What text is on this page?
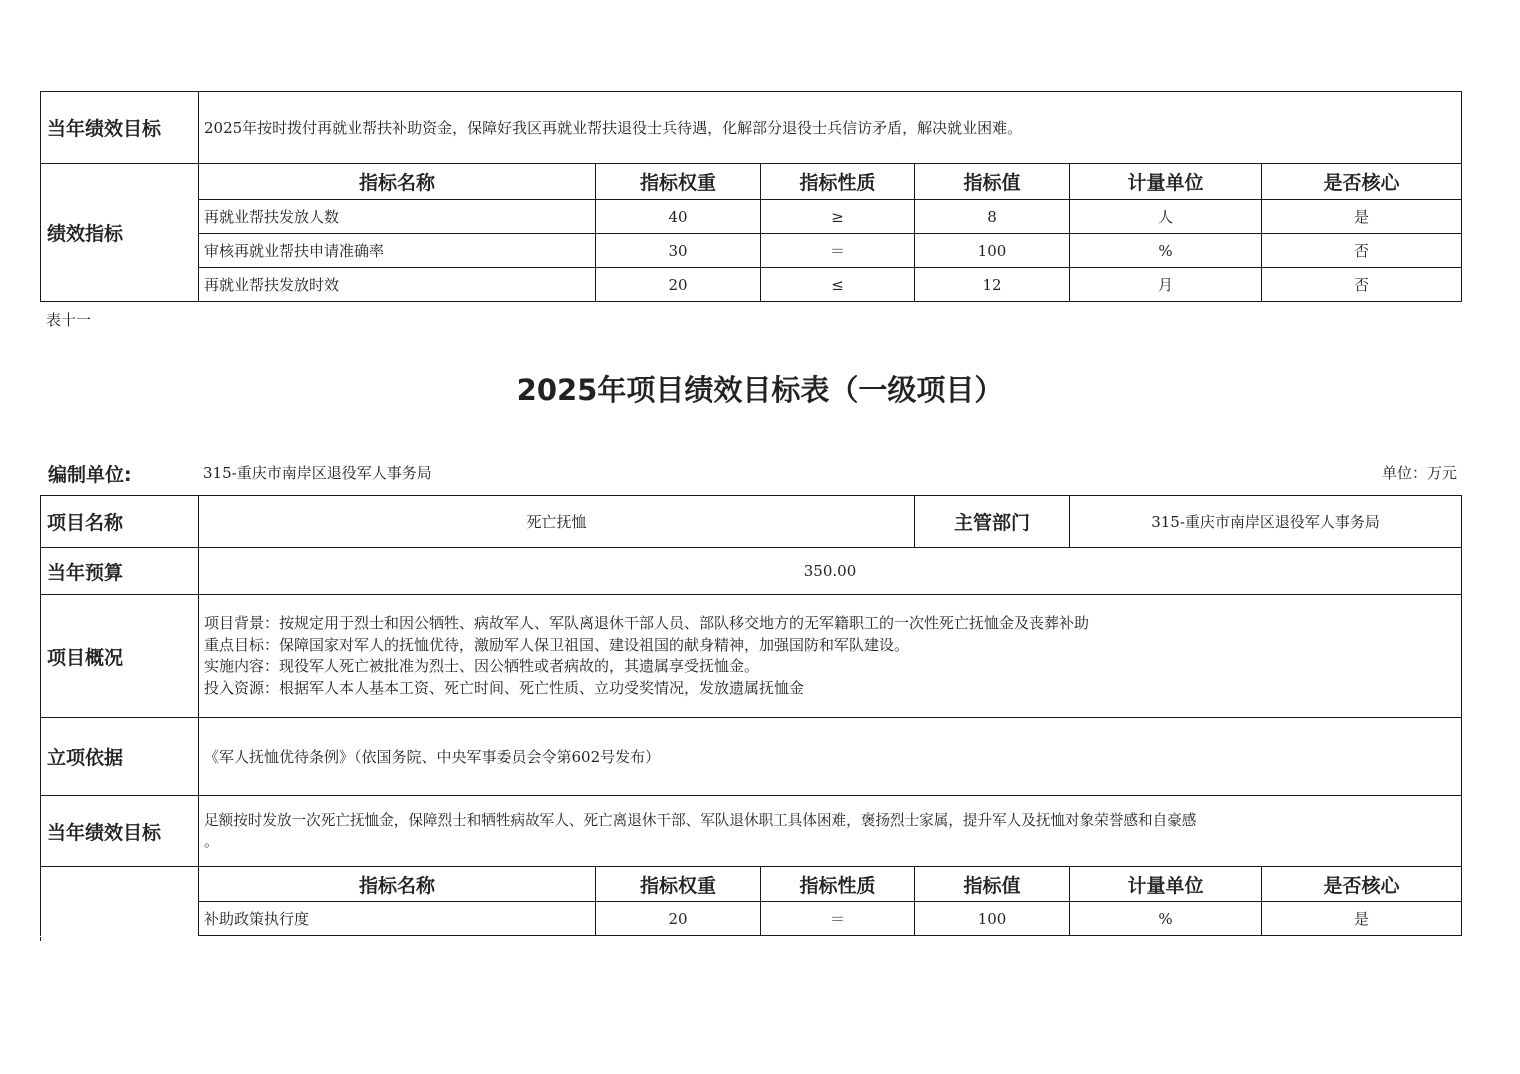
当年绩效目标	2025年按时拨付再就业帮扶补助资金，保障好我区再就业帮扶退役士兵待遇，化解部分退役士兵信访矛盾，解决就业困难。					
绩效指标	指标名称	指标权重	指标性质	指标值	计量单位	是否核心
	再就业帮扶发放人数	40	≥	8	人	是
	审核再就业帮扶申请准确率	30	＝	100	%	否
	再就业帮扶发放时效	20	≤	12	月	否
表十一
2025年项目绩效目标表（一级项目）
编制单位:	315-重庆市南岸区退役军人事务局	单位：万元
项目名称	死亡抚恤			主管部门	315-重庆市南岸区退役军人事务局	
当年预算	350.00					
项目概况	项目背景：按规定用于烈士和因公牺牲、病故军人、军队离退休干部人员、部队移交地方的无军籍职工的一次性死亡抚恤金及丧葬补助
重点目标：保障国家对军人的抚恤优待，激励军人保卫祖国、建设祖国的献身精神，加强国防和军队建设。
实施内容：现役军人死亡被批准为烈士、因公牺牲或者病故的，其遗属享受抚恤金。
投入资源：根据军人本人基本工资、死亡时间、死亡性质、立功受奖情况，发放遗属抚恤金					

立项依据	《军人抚恤优待条例》（依国务院、中央军事委员会令第602号发布）					
当年绩效目标	足额按时发放一次死亡抚恤金，保障烈士和牺牲病故军人、死亡离退休干部、军队退休职工具体困难，褒扬烈士家属，提升军人及抚恤对象荣誉感和自豪感
。					

	指标名称	指标权重	指标性质	指标值	计量单位	是否核心
	补助政策执行度	20	＝	100	%	是
